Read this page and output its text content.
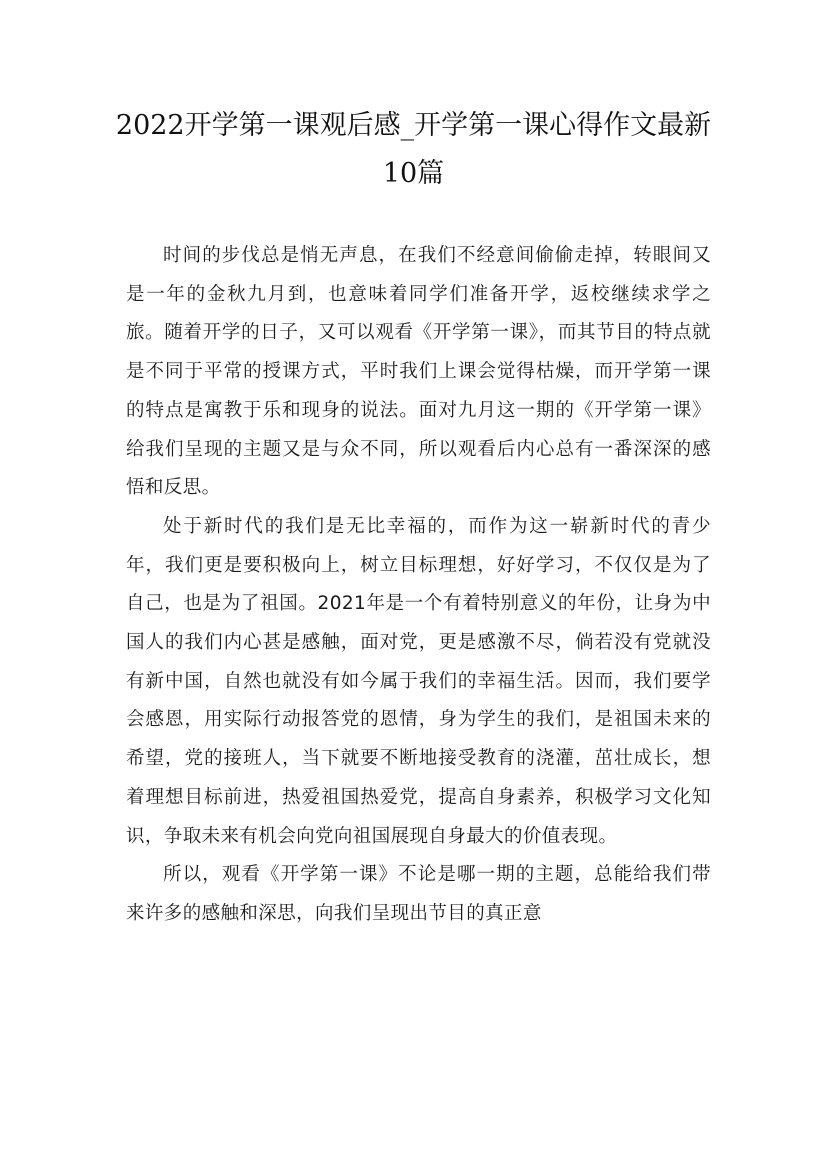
2022开学第一课观后感_开学第一课心得作文最新10篇

时间的步伐总是悄无声息，在我们不经意间偷偷走掉，转眼间又是一年的金秋九月到，也意味着同学们准备开学，返校继续求学之旅。随着开学的日子，又可以观看《开学第一课》，而其节目的特点就是不同于平常的授课方式，平时我们上课会觉得枯燥，而开学第一课的特点是寓教于乐和现身的说法。面对九月这一期的《开学第一课》给我们呈现的主题又是与众不同，所以观看后内心总有一番深深的感悟和反思。

处于新时代的我们是无比幸福的，而作为这一崭新时代的青少年，我们更是要积极向上，树立目标理想，好好学习，不仅仅是为了自己，也是为了祖国。2021年是一个有着特别意义的年份，让身为中国人的我们内心甚是感触，面对党，更是感激不尽，倘若没有党就没有新中国，自然也就没有如今属于我们的幸福生活。因而，我们要学会感恩，用实际行动报答党的恩情，身为学生的我们，是祖国未来的希望，党的接班人，当下就要不断地接受教育的浇灌，茁壮成长，想着理想目标前进，热爱祖国热爱党，提高自身素养，积极学习文化知识，争取未来有机会向党向祖国展现自身最大的价值表现。

所以，观看《开学第一课》不论是哪一期的主题，总能给我们带来许多的感触和深思，向我们呈现出节目的真正意
